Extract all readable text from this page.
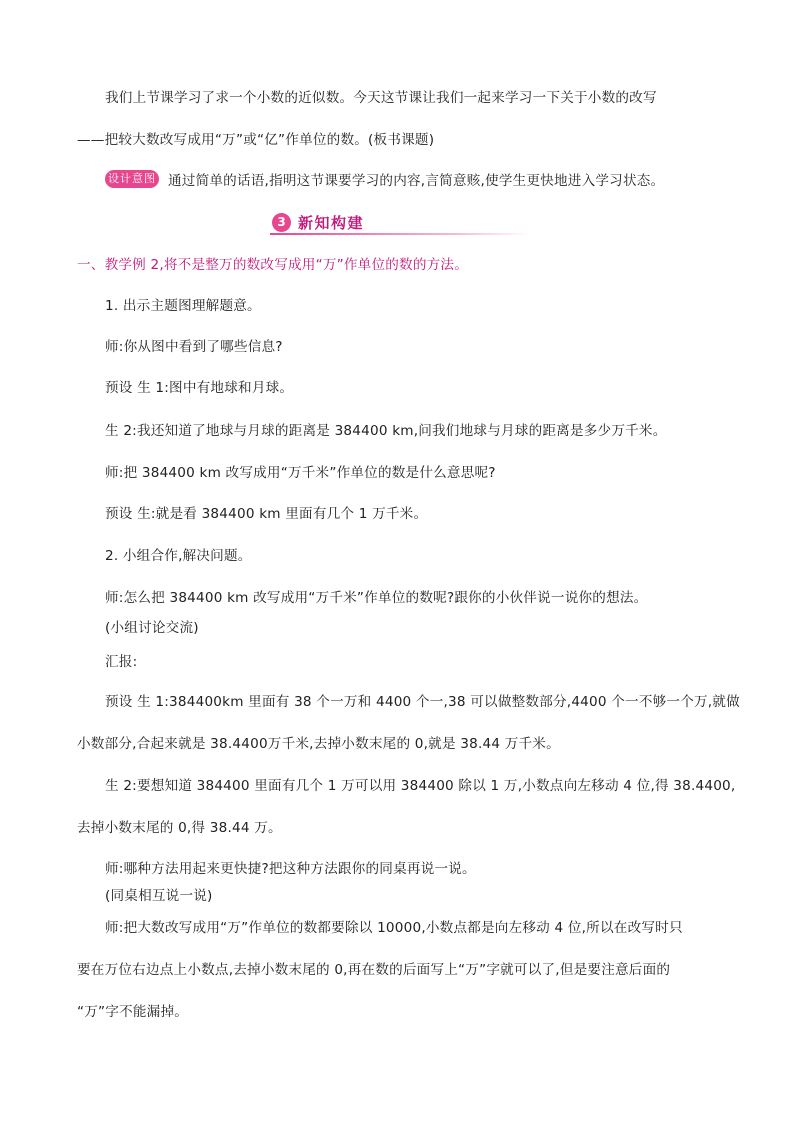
我们上节课学习了求一个小数的近似数。今天这节课让我们一起来学习一下关于小数的改写
——把较大数改写成用“万”或“亿”作单位的数。(板书课题)
设计意图 通过简单的话语,指明这节课要学习的内容,言简意赅,使学生更快地进入学习状态。
3 新知构建
一、教学例 2,将不是整万的数改写成用“万”作单位的数的方法。
1. 出示主题图理解题意。
师:你从图中看到了哪些信息?
预设 生 1:图中有地球和月球。
生 2:我还知道了地球与月球的距离是 384400 km,问我们地球与月球的距离是多少万千米。
师:把 384400 km 改写成用“万千米”作单位的数是什么意思呢?
预设 生:就是看 384400 km 里面有几个 1 万千米。
2. 小组合作,解决问题。
师:怎么把 384400 km 改写成用“万千米”作单位的数呢?跟你的小伙伴说一说你的想法。
(小组讨论交流)
汇报:
预设 生 1:384400km 里面有 38 个一万和 4400 个一,38 可以做整数部分,4400 个一不够一个万,就做
小数部分,合起来就是 38.4400万千米,去掉小数末尾的 0,就是 38.44 万千米。
生 2:要想知道 384400 里面有几个 1 万可以用 384400 除以 1 万,小数点向左移动 4 位,得 38.4400,
去掉小数末尾的 0,得 38.44 万。
师:哪种方法用起来更快捷?把这种方法跟你的同桌再说一说。
(同桌相互说一说)
师:把大数改写成用“万”作单位的数都要除以 10000,小数点都是向左移动 4 位,所以在改写时只
要在万位右边点上小数点,去掉小数末尾的 0,再在数的后面写上“万”字就可以了,但是要注意后面的
“万”字不能漏掉。
